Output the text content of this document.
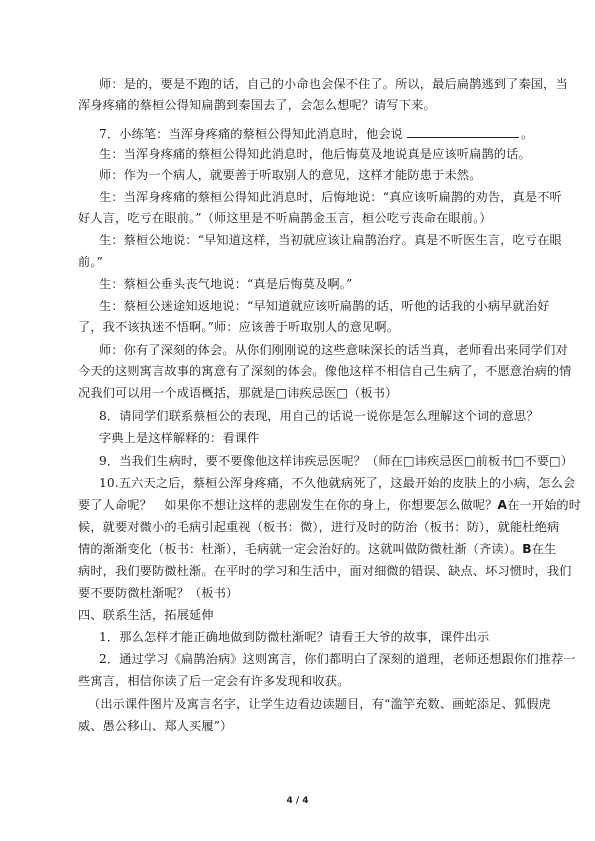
师：是的，要是不跑的话，自己的小命也会保不住了。所以，最后扁鹊逃到了秦国，当
浑身疼痛的蔡桓公得知扁鹊到秦国去了，会怎么想呢？请写下来。
7．小练笔：当浑身疼痛的蔡桓公得知此消息时，他会说	。
生：当浑身疼痛的蔡桓公得知此消息时，他后悔莫及地说真是应该听扁鹊的话。
师：作为一个病人，就要善于听取别人的意见，这样才能防患于未然。
生：当浑身疼痛的蔡桓公得知此消息时，后悔地说：“真应该听扁鹊的劝告，真是不听
好人言，吃亏在眼前。”（师这里是不听扁鹊金玉言，桓公吃亏丧命在眼前。）
生：蔡桓公地说：“早知道这样，当初就应该让扁鹊治疗。真是不听医生言，吃亏在眼
前。”
生：蔡桓公垂头丧气地说：“真是后悔莫及啊。”
生：蔡桓公迷途知返地说：“早知道就应该听扁鹊的话，听他的话我的小病早就治好
了，我不该执迷不悟啊。”师：应该善于听取别人的意见啊。
师：你有了深刻的体会。从你们刚刚说的这些意味深长的话当真，老师看出来同学们对
今天的这则寓言故事的寓意有了深刻的体会。像他这样不相信自己生病了，不愿意治病的情
况我们可以用一个成语概括，那就是□讳疾忌医□（板书）
8．请同学们联系蔡桓公的表现，用自己的话说一说你是怎么理解这个词的意思？
字典上是这样解释的：看课件
9．当我们生病时，要不要像他这样讳疾忌医呢？（师在□讳疾忌医□前板书□不要□）
10.五六天之后，蔡桓公浑身疼痛，不久他就病死了，这最开始的皮肤上的小病，怎么会
要了人命呢？　如果你不想让这样的悲剧发生在你的身上，你想要怎么做呢？A在一开始的时
候，就要对微小的毛病引起重视（板书：微），进行及时的防治（板书：防），就能杜绝病
情的渐渐变化（板书：杜渐），毛病就一定会治好的。这就叫做防微杜渐（齐读）。B在生
病时，我们要防微杜渐。在平时的学习和生活中，面对细微的错误、缺点、坏习惯时，我们
要不要防微杜渐呢？（板书）
四、联系生活，拓展延伸
1．那么怎样才能正确地做到防微杜渐呢？请看王大爷的故事，课件出示
2．通过学习《扁鹊治病》这则寓言，你们都明白了深刻的道理，老师还想跟你们推荐一
些寓言，相信你读了后一定会有许多发现和收获。
（出示课件图片及寓言名字，让学生边看边读题目，有“滥竽充数、画蛇添足、狐假虎
威、愚公移山、郑人买履”）
4 / 4
